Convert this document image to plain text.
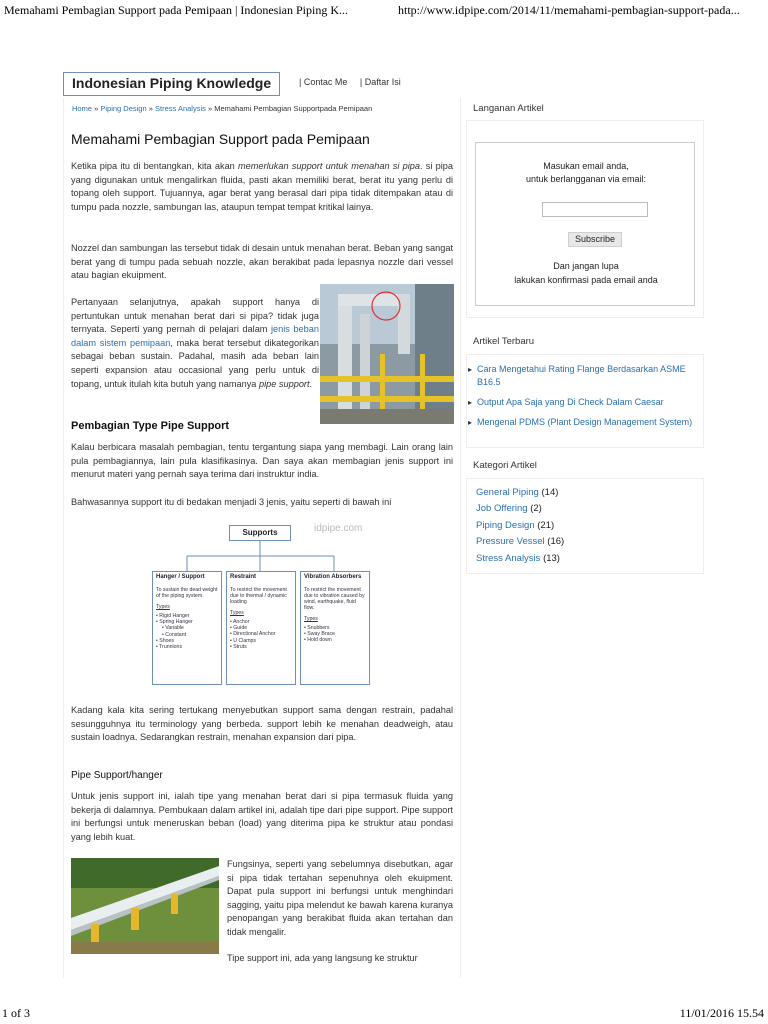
Memahami Pembagian Support pada Pemipaan | Indonesian Piping K...	http://www.idpipe.com/2014/11/memahami-pembagian-support-pada...
1 of 3	11/01/2016 15.54
Indonesian Piping Knowledge	| Contac Me | Daftar Isi
Home » Piping Design » Stress Analysis » Memahami Pembagian Supportpada Pemipaan
Memahami Pembagian Support pada Pemipaan
Ketika pipa itu di bentangkan, kita akan memerlukan support untuk menahan si pipa. si pipa yang digunakan untuk mengalirkan fluida, pasti akan memiliki berat, berat itu yang perlu di topang oleh support. Tujuannya, agar berat yang berasal dari pipa tidak ditempakan atau di tumpu pada nozzle, sambungan las, ataupun tempat tempat kritikal lainya.
Nozzel dan sambungan las tersebut tidak di desain untuk menahan berat. Beban yang sangat berat yang di tumpu pada sebuah nozzle, akan berakibat pada lepasnya nozzle dari vessel atau bagian ekuipment.
Pertanyaan selanjutnya, apakah support hanya di pertuntukan untuk menahan berat dari si pipa? tidak juga ternyata. Seperti yang pernah di pelajari dalam jenis beban dalam sistem pemipaan, maka berat tersebut dikategorikan sebagai beban sustain. Padahal, masih ada beban lain seperti expansion atau occasional yang perlu untuk di topang, untuk itulah kita butuh yang namanya pipe support.
Pembagian Type Pipe Support
Kalau berbicara masalah pembagian, tentu tergantung siapa yang membagi. Lain orang lain pula pembagiannya, lain pula klasifikasinya. Dan saya akan membagian jenis support ini menurut materi yang pernah saya terima dari instruktur india.
Bahwasannya support itu di bedakan menjadi 3 jenis, yaitu seperti di bawah ini
Supports	idpipe.com
Hanger / Support
To sustain the dead weight of the piping system.
Types
• Rigid Hanger
• Spring Hanger
• Variable
• Constant
• Shoes
• Trunnions
Restraint
To restrict the movement due to thermal / dynamic loading
Types
• Anchor
• Guide
• Directional Anchor
• U Clamps
• Struts
Vibration Absorbers
To restrict the movement due to vibration caused by wind, earthquake, fluid flow.
Types
• Snubbers
• Sway Brace
• Hold down
Kadang kala kita sering tertukang menyebutkan support sama dengan restrain, padahal sesungguhnya itu terminology yang berbeda. support lebih ke menahan deadweigh, atau sustain loadnya. Sedarangkan restrain, menahan expansion dari pipa.
Pipe Support/hanger
Untuk jenis support ini, ialah tipe yang menahan berat dari si pipa termasuk fluida yang bekerja di dalamnya. Pembukaan dalam artikel ini, adalah tipe dari pipe support. Pipe support ini berfungsi untuk meneruskan beban (load) yang diterima pipa ke struktur atau pondasi yang lebih kuat.
Fungsinya, seperti yang sebelumnya disebutkan, agar si pipa tidak tertahan sepenuhnya oleh ekuipment. Dapat pula support ini berfungsi untuk menghindari sagging, yaitu pipa melendut ke bawah karena kuranya penopangan yang berakibat fluida akan tertahan dan tidak mengalir.
Tipe support ini, ada yang langsung ke struktur
Langanan Artikel
Masukan email anda,
untuk berlangganan via email:
Subscribe
Dan jangan lupa
lakukan konfirmasi pada email anda
Artikel Terbaru
▸ Cara Mengetahui Rating Flange Berdasarkan ASME B16.5
▸ Output Apa Saja yang Di Check Dalam Caesar
▸ Mengenal PDMS (Plant Design Management System)
Kategori Artikel
General Piping (14)
Job Offering (2)
Piping Design (21)
Pressure Vessel (16)
Stress Analysis (13)
